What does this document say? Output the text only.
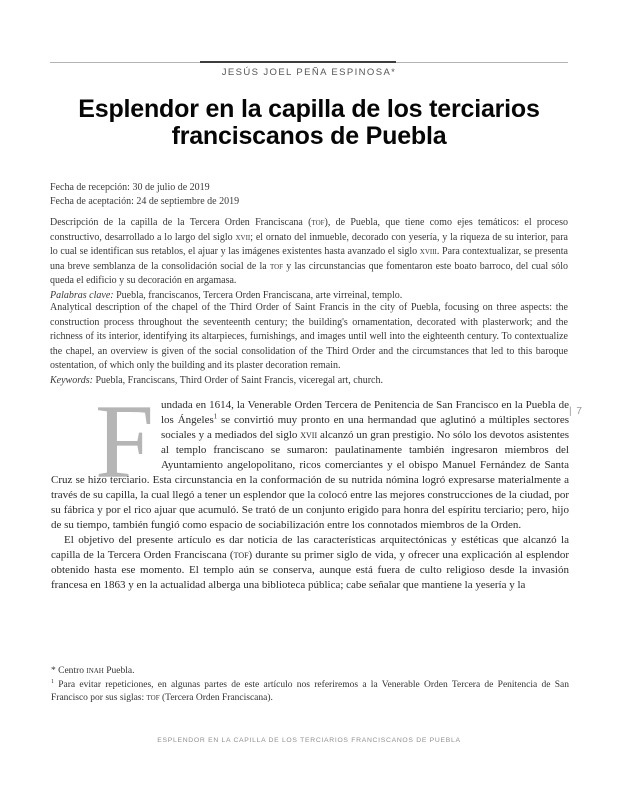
JESÚS JOEL PEÑA ESPINOSA*
Esplendor en la capilla de los terciarios
franciscanos de Puebla
Fecha de recepción: 30 de julio de 2019
Fecha de aceptación: 24 de septiembre de 2019
Descripción de la capilla de la Tercera Orden Franciscana (tof), de Puebla, que tiene como ejes temáticos: el proceso constructivo, desarrollado a lo largo del siglo xvii; el ornato del inmueble, decorado con yesería, y la riqueza de su interior, para lo cual se identifican sus retablos, el ajuar y las imágenes existentes hasta avanzado el siglo xviii. Para contextualizar, se presenta una breve semblanza de la consolidación social de la tof y las circunstancias que fomentaron este boato barroco, del cual sólo queda el edificio y su decoración en argamasa.
Palabras clave: Puebla, franciscanos, Tercera Orden Franciscana, arte virreinal, templo.
Analytical description of the chapel of the Third Order of Saint Francis in the city of Puebla, focusing on three aspects: the construction process throughout the seventeenth century; the building's ornamentation, decorated with plasterwork; and the richness of its interior, identifying its altarpieces, furnishings, and images until well into the eighteenth century. To contextualize the chapel, an overview is given of the social consolidation of the Third Order and the circumstances that led to this baroque ostentation, of which only the building and its plaster decoration remain.
Keywords: Puebla, Franciscans, Third Order of Saint Francis, viceregal art, church.

Fundada en 1614, la Venerable Orden Tercera de Penitencia de San Francisco en la Puebla de los Ángeles$^1$ se convirtió muy pronto en una hermandad que aglutinó a múltiples sectores sociales y a mediados del siglo xvii alcanzó un gran prestigio. No sólo los devotos asistentes al templo franciscano se sumaron: paulatinamente también ingresaron miembros del Ayuntamiento angelopolitano, ricos comerciantes y el obispo Manuel Fernández de Santa Cruz se hizo terciario. Esta circunstancia en la conformación de su nutrida nómina logró expresarse materialmente a través de su capilla, la cual llegó a tener un esplendor que la colocó entre las mejores construcciones de la ciudad, por su fábrica y por el rico ajuar que acumuló. Se trató de un conjunto erigido para honra del espíritu terciario; pero, hijo de su tiempo, también fungió como espacio de sociabilización entre los connotados miembros de la Orden.

El objetivo del presente artículo es dar noticia de las características arquitectónicas y estéticas que alcanzó la capilla de la Tercera Orden Franciscana (tof) durante su primer siglo de vida, y ofrecer una explicación al esplendor obtenido hasta ese momento. El templo aún se conserva, aunque está fuera de culto religioso desde la invasión francesa en 1863 y en la actualidad alberga una biblioteca pública; cabe señalar que mantiene la yesería y la

* Centro inah Puebla.
$^1$ Para evitar repeticiones, en algunas partes de este artículo nos referiremos a la Venerable Orden Tercera de Penitencia de San Francisco por sus siglas: tof (Tercera Orden Franciscana).
ESPLENDOR EN LA CAPILLA DE LOS TERCIARIOS FRANCISCANOS DE PUEBLA
| 7
